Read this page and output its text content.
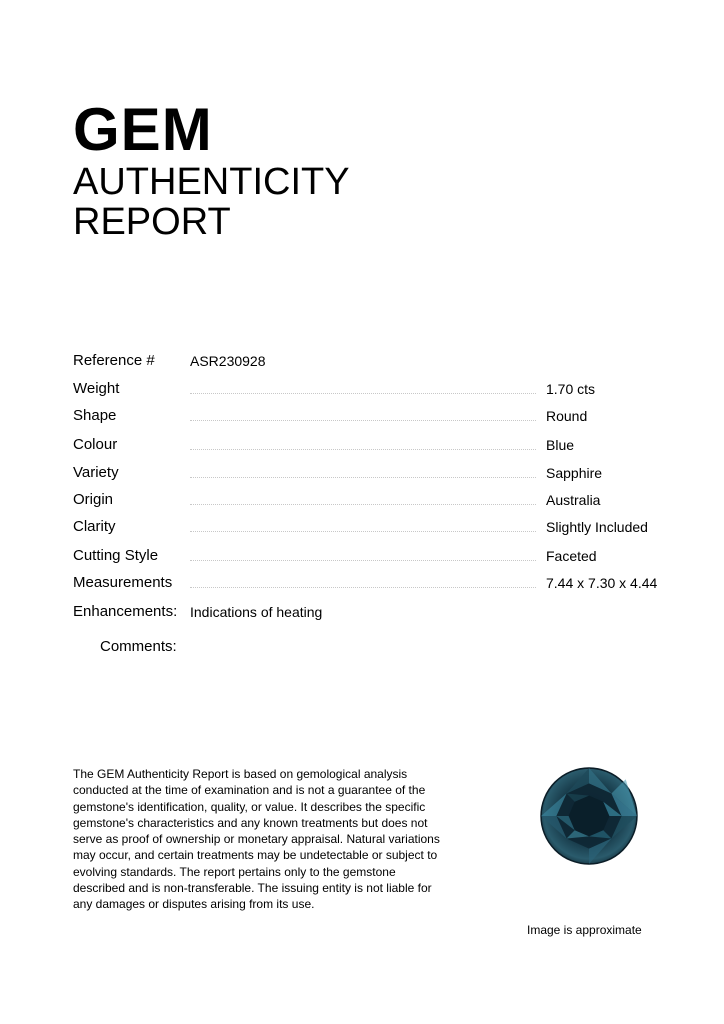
GEM
AUTHENTICITY
REPORT
Reference #	ASR230928
Weight	1.70 cts
Shape	Round
Colour	Blue
Variety	Sapphire
Origin	Australia
Clarity	Slightly Included
Cutting Style	Faceted
Measurements	7.44 x 7.30 x 4.44
Enhancements: Indications of heating
Comments:
The GEM Authenticity Report is based on gemological analysis conducted at the time of examination and is not a guarantee of the gemstone's identification, quality, or value. It describes the specific gemstone's characteristics and any known treatments but does not serve as proof of ownership or monetary appraisal. Natural variations may occur, and certain treatments may be undetectable or subject to evolving standards. The report pertains only to the gemstone described and is non-transferable. The issuing entity is not liable for any damages or disputes arising from its use.
Image is approximate
